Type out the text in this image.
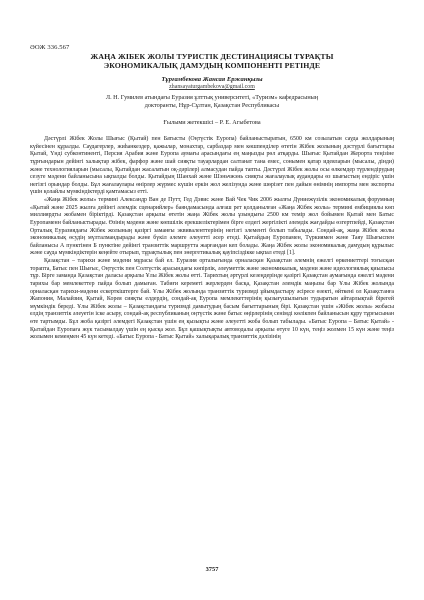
ӘОЖ 336.567
ЖАҢА ЖІБЕК ЖОЛЫ ТУРИСТІК ДЕСТИНАЦИЯСЫ ТҰРАҚТЫ
ЭКОНОМИКАЛЫҚ ДАМУДЫҢ КОМПОНЕНТІ РЕТІНДЕ
Тұрғамбекова Жансая Ержанқызы
zhansayaturgambekova@gmail.com
Л. Н. Гумилев атындағы Еуразия ұлттық университеті, «Туризм» кафедрасының
докторанты, Нұр-Сұлтан, Қазақстан Республикасы
Ғылыми жетекшісі – Р. Е. Агыбетова

Дәстүрлі Жібек Жолы Шығыс (Қытай) пен Батысты (Оңтүстік Еуропа) байланыстыратын, 6500 км созылатын сауда жолдарының күйесінен құралды. Саудагерлер, жиһанкездер, қажылар, монахтар, сарбаздар мен көшпенділер өтетін Жібек жолының дәстүрлі бағыттары Қытай, Үнді субконтиненті, Персия Арабия және Еуропа аумағы арасындағы ең маңызды рөл атқарды. Шығыс Қытайдан Жерорта теңізіне тұрғындарын дейінгі халықтар жібек, фарфор және шай сияқты тауарлардан салтанат тана емес, сонымен қатар идеяларын (мысалы, дінди) және технологияларын (мысалы, Қытайдан жасалатын оқ-дәрілер) алмасудан пайда тапты. Дәстүрлі Жібек жолы осы өлкемдер түрлендірудың сезуге мәдени байланысына ықпалды болды. Қытайдың Шанхай және Шэньчжэнь сияқты жағалаулық аудандары өз шығыстың ендіріс үшін негізгі орындар болды. Бұл жағалаулары өнірлер жүрмес күшін еркін жол желізунда және шөрізет пен дайын өнімнің импорты мен экспорты үшін қолайлы мүмкіндіктерді қамтамасыз етті.

«Жаңа Жібек жолы» термині Александр Ван де Путт, Гед Дэвис және Вай Чек Чик 2006 жылғы Дүниежүзілік экономикалық форумның «Қытай және 2025 жылға дейінгі әлемдік сценарийлер» баяндамасында алғаш рет қолданылған «Жаңа Жібек жолы» термині ембициялы көп миллиярдты жобамен біріктірді. Қазақстан арқылы өтетін жаңа Жібек жолы ұзындығы 2500 км темір жол бойымен Қытай мен Батыс Еуропаменн байланыстырады. Өзінің мәдени және көпшілік ерекшеліктерімен бірге елдегі жергілікті әлемдік жағдайды өзгертпейді, Қазақстан Орталық Еуразиядағы Жібек жолының қазіргі заманғы эквиваленттерінің негізгі элементі болып табылады. Сондай-ақ, жаңа Жібек жолы экономикалық өсудің мүлталмандырады және бүкіл әлемге әлеуетті әсер етеді. Қытайдың Еуропамен, Түркиямен және Таяу Шығыспен байланысы А пунктінен Б пунктіне дейінгі транзиттік маршрутта жарғандан кеп болады. Жаңа Жібек жолы экономикалық дамудың құрылыс және сауда мүмкіндіктерін кеңейте отырып, тұрақтылық пен энергетикалық қауіпсіздікке ықпал етеді [1].

Қазақстан – тарихи және мәдени мұрасы бай ел. Еуразия орталығында орналасқан Қазақстан әлемнің ежелгі өркениеттері тоғысқан торапта, Батыс пен Шығыс, Оңтүстік пен Солтүстік арасындағы көпірлік, әлеуметтік және экономикалық, мәдени және идеологиялық қиылысы тұр. Бірге заманда Қазақстан даласы арқылы Ұлы Жібек жолы өтті. Тарихтың әртүрлі кезеңдерінде қазіргі Қазақстан аумағында ежелгі мәдени тарихы бар мемлекеттер пайда болып дамыған. Табиғи кереметі жерлерден басқа, Қазақстан әлемдік маңызы бар Ұлы Жібек жолында орналасқан тарихи-мәдени ескерткіштерге бай. Ұлы Жібек жолында транзиттік туризмді ұйымдастыру әсіресе өзекті, өйткені ол Қазақстанға Жапония, Малайзия, Қытай, Корея сияқты елдердің, сондай-ақ Еуропа мемлекеттерінің қызығушылығын тудыратын айтарлықтай бірегей мүмкіндік береді. Ұлы Жібек жолы – Қазақстандағы туризмді дамытудың басым бағыттарының бірі. Қазақстан үшін «Жібек жолы» жобасы елдің транзиттік әлеуетін іске асыру, сондай-ақ республиканың оңтүстік және батыс өңірлерінің сенімді көлікпен байланысын құру тұрғысынан өте тартымды. Бұл жоба қазіргі әлемдегі Қазақстан үшін ең қызықты және әлеуетті жоба болып табылады. «Батыс Еуропа – Батыс Қытай» - Қытайдан Еуропаға жүк тасымалдау үшін ең қысқа жол. Бұл қашықтықты автоводалы арқылы өтуге 10 күн, теңіз жолмен 15 күн және теңіз жолымен кемеңмен 45 күн кетеді. «Батыс Еуропа - Батыс Қытай» халықаралық транзиттік дәлізінің

3757
